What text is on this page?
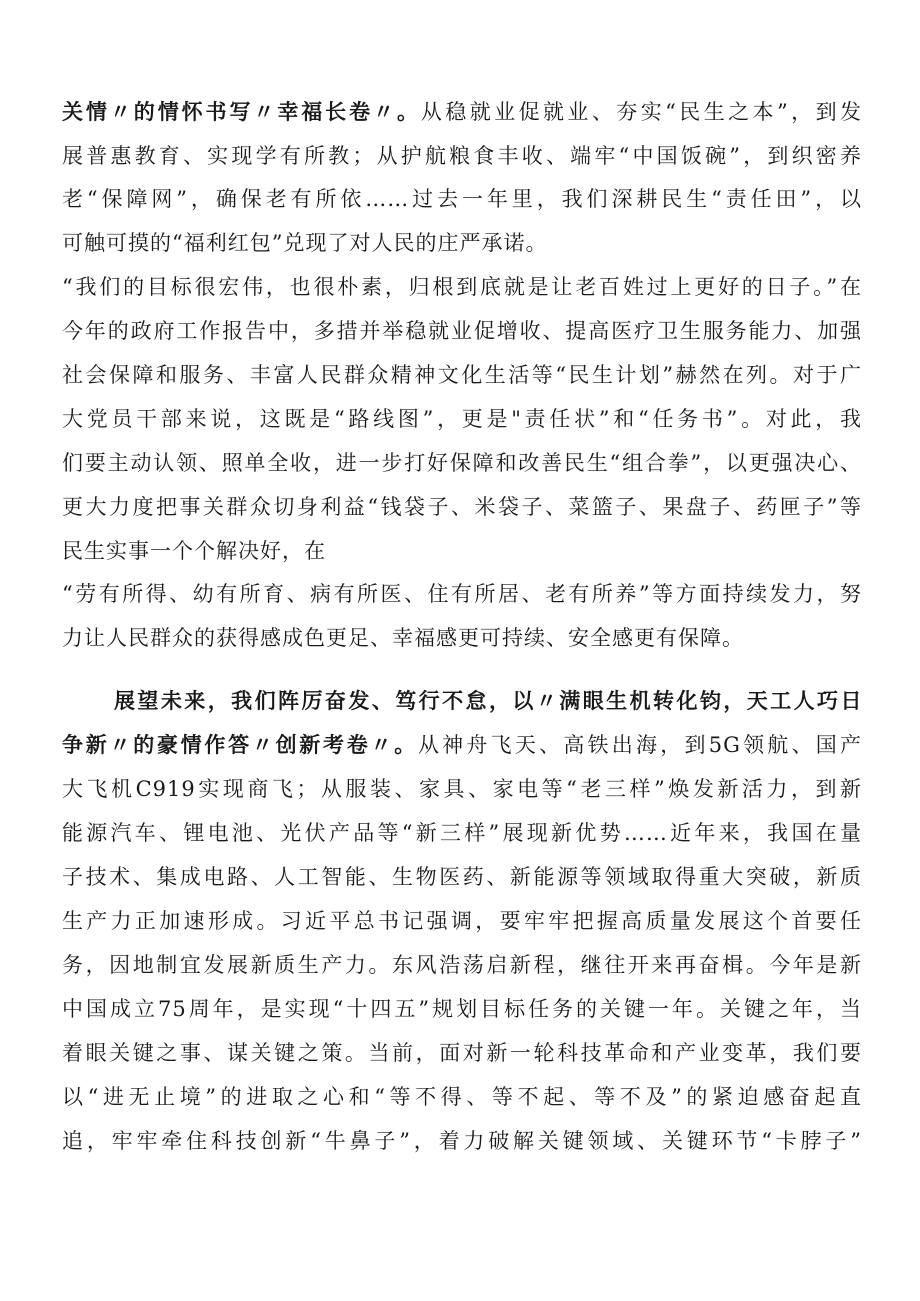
关情〃的情怀书写〃幸福长卷〃。从稳就业促就业、夯实“民生之本”，到发
展普惠教育、实现学有所教；从护航粮食丰收、端牢“中国饭碗”，到织密养
老“保障网”，确保老有所依……过去一年里，我们深耕民生“责任田”，以
可触可摸的“福利红包”兑现了对人民的庄严承诺。
“我们的目标很宏伟，也很朴素，归根到底就是让老百姓过上更好的日子。”在
今年的政府工作报告中，多措并举稳就业促增收、提高医疗卫生服务能力、加强
社会保障和服务、丰富人民群众精神文化生活等“民生计划”赫然在列。对于广
大党员干部来说，这既是“路线图”，更是"责任状”和“任务书”。对此，我
们要主动认领、照单全收，进一步打好保障和改善民生“组合拳”，以更强决心、
更大力度把事关群众切身利益“钱袋子、米袋子、菜篮子、果盘子、药匣子”等
民生实事一个个解决好，在
“劳有所得、幼有所育、病有所医、住有所居、老有所养”等方面持续发力，努
力让人民群众的获得感成色更足、幸福感更可持续、安全感更有保障。
展望未来，我们阵厉奋发、笃行不怠，以〃满眼生机转化钧，天工人巧日
争新〃的豪情作答〃创新考卷〃。从神舟飞天、高铁出海，到5G领航、国产
大飞机C919实现商飞；从服装、家具、家电等“老三样”焕发新活力，到新
能源汽车、锂电池、光伏产品等“新三样”展现新优势……近年来，我国在量
子技术、集成电路、人工智能、生物医药、新能源等领域取得重大突破，新质
生产力正加速形成。习近平总书记强调，要牢牢把握高质量发展这个首要任
务，因地制宜发展新质生产力。东风浩荡启新程，继往开来再奋楫。今年是新
中国成立75周年，是实现“十四五”规划目标任务的关键一年。关键之年，当
着眼关键之事、谋关键之策。当前，面对新一轮科技革命和产业变革，我们要
以“进无止境”的进取之心和“等不得、等不起、等不及”的紧迫感奋起直
追，牢牢牵住科技创新“牛鼻子”，着力破解关键领域、关键环节“卡脖子”
